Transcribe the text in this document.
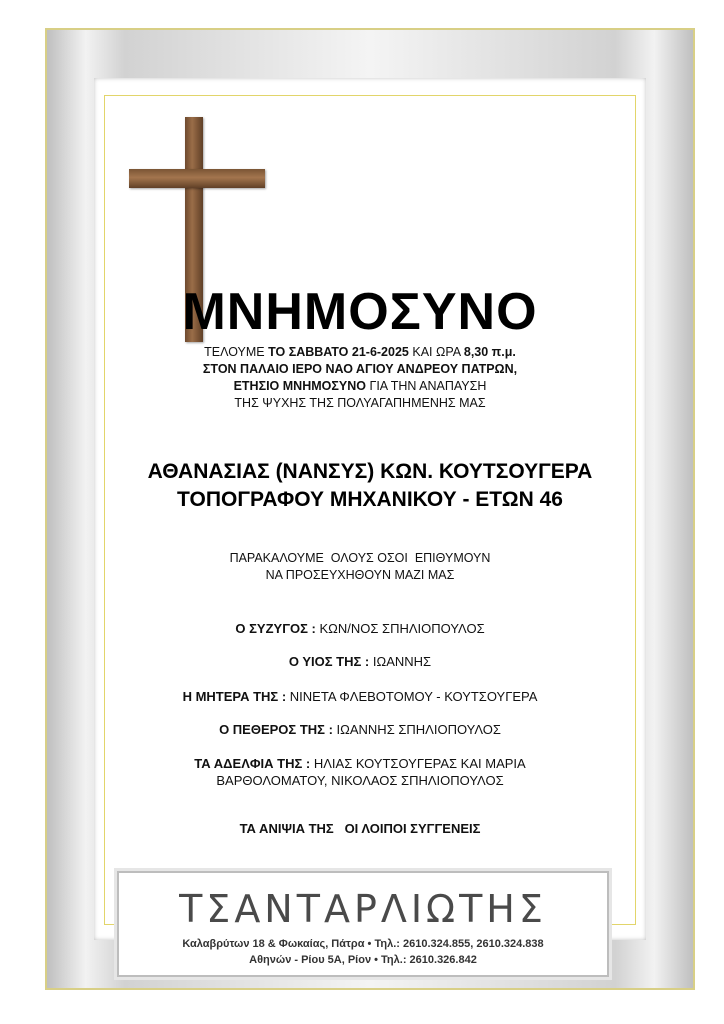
ΜΝΗΜΟΣΥΝΟ
ΤΕΛΟΥΜΕ ΤΟ ΣΑΒΒΑΤΟ 21-6-2025 ΚΑΙ ΩΡΑ 8,30 π.μ.
ΣΤΟΝ ΠΑΛΑΙΟ ΙΕΡΟ ΝΑΟ ΑΓΙΟΥ ΑΝΔΡΕΟΥ ΠΑΤΡΩΝ,
ΕΤΗΣΙΟ ΜΝΗΜΟΣΥΝΟ ΓΙΑ ΤΗΝ ΑΝΑΠΑΥΣΗ
ΤΗΣ ΨΥΧΗΣ ΤΗΣ ΠΟΛΥΑΓΑΠΗΜΕΝΗΣ ΜΑΣ
ΑΘΑΝΑΣΙΑΣ (ΝΑΝΣΥΣ) ΚΩΝ. ΚΟΥΤΣΟΥΓΕΡΑ
ΤΟΠΟΓΡΑΦΟΥ ΜΗΧΑΝΙΚΟΥ - ΕΤΩΝ 46
ΠΑΡΑΚΑΛΟΥΜΕ  ΟΛΟΥΣ ΟΣΟΙ  ΕΠΙΘΥΜΟΥΝ
ΝΑ ΠΡΟΣΕΥΧΗΘΟΥΝ ΜΑΖΙ ΜΑΣ
Ο ΣΥΖΥΓΟΣ : ΚΩΝ/ΝΟΣ ΣΠΗΛΙΟΠΟΥΛΟΣ
Ο ΥΙΟΣ ΤΗΣ : ΙΩΑΝΝΗΣ
Η ΜΗΤΕΡΑ ΤΗΣ : ΝΙΝΕΤΑ ΦΛΕΒΟΤΟΜΟΥ - ΚΟΥΤΣΟΥΓΕΡΑ
Ο ΠΕΘΕΡΟΣ ΤΗΣ : ΙΩΑΝΝΗΣ ΣΠΗΛΙΟΠΟΥΛΟΣ
ΤΑ ΑΔΕΛΦΙΑ ΤΗΣ : ΗΛΙΑΣ ΚΟΥΤΣΟΥΓΕΡΑΣ ΚΑΙ ΜΑΡΙΑ
ΒΑΡΘΟΛΟΜΑΤΟΥ, ΝΙΚΟΛΑΟΣ ΣΠΗΛΙΟΠΟΥΛΟΣ
ΤΑ ΑΝΙΨΙΑ ΤΗΣ ΟΙ ΛΟΙΠΟΙ ΣΥΓΓΕΝΕΙΣ
ΤΣΑΝΤΑΡΛΙΩΤΗΣ
Καλαβρύτων 18 & Φωκαίας, Πάτρα • Τηλ.: 2610.324.855, 2610.324.838
Αθηνών - Ρίου 5Α, Ρίον • Τηλ.: 2610.326.842
